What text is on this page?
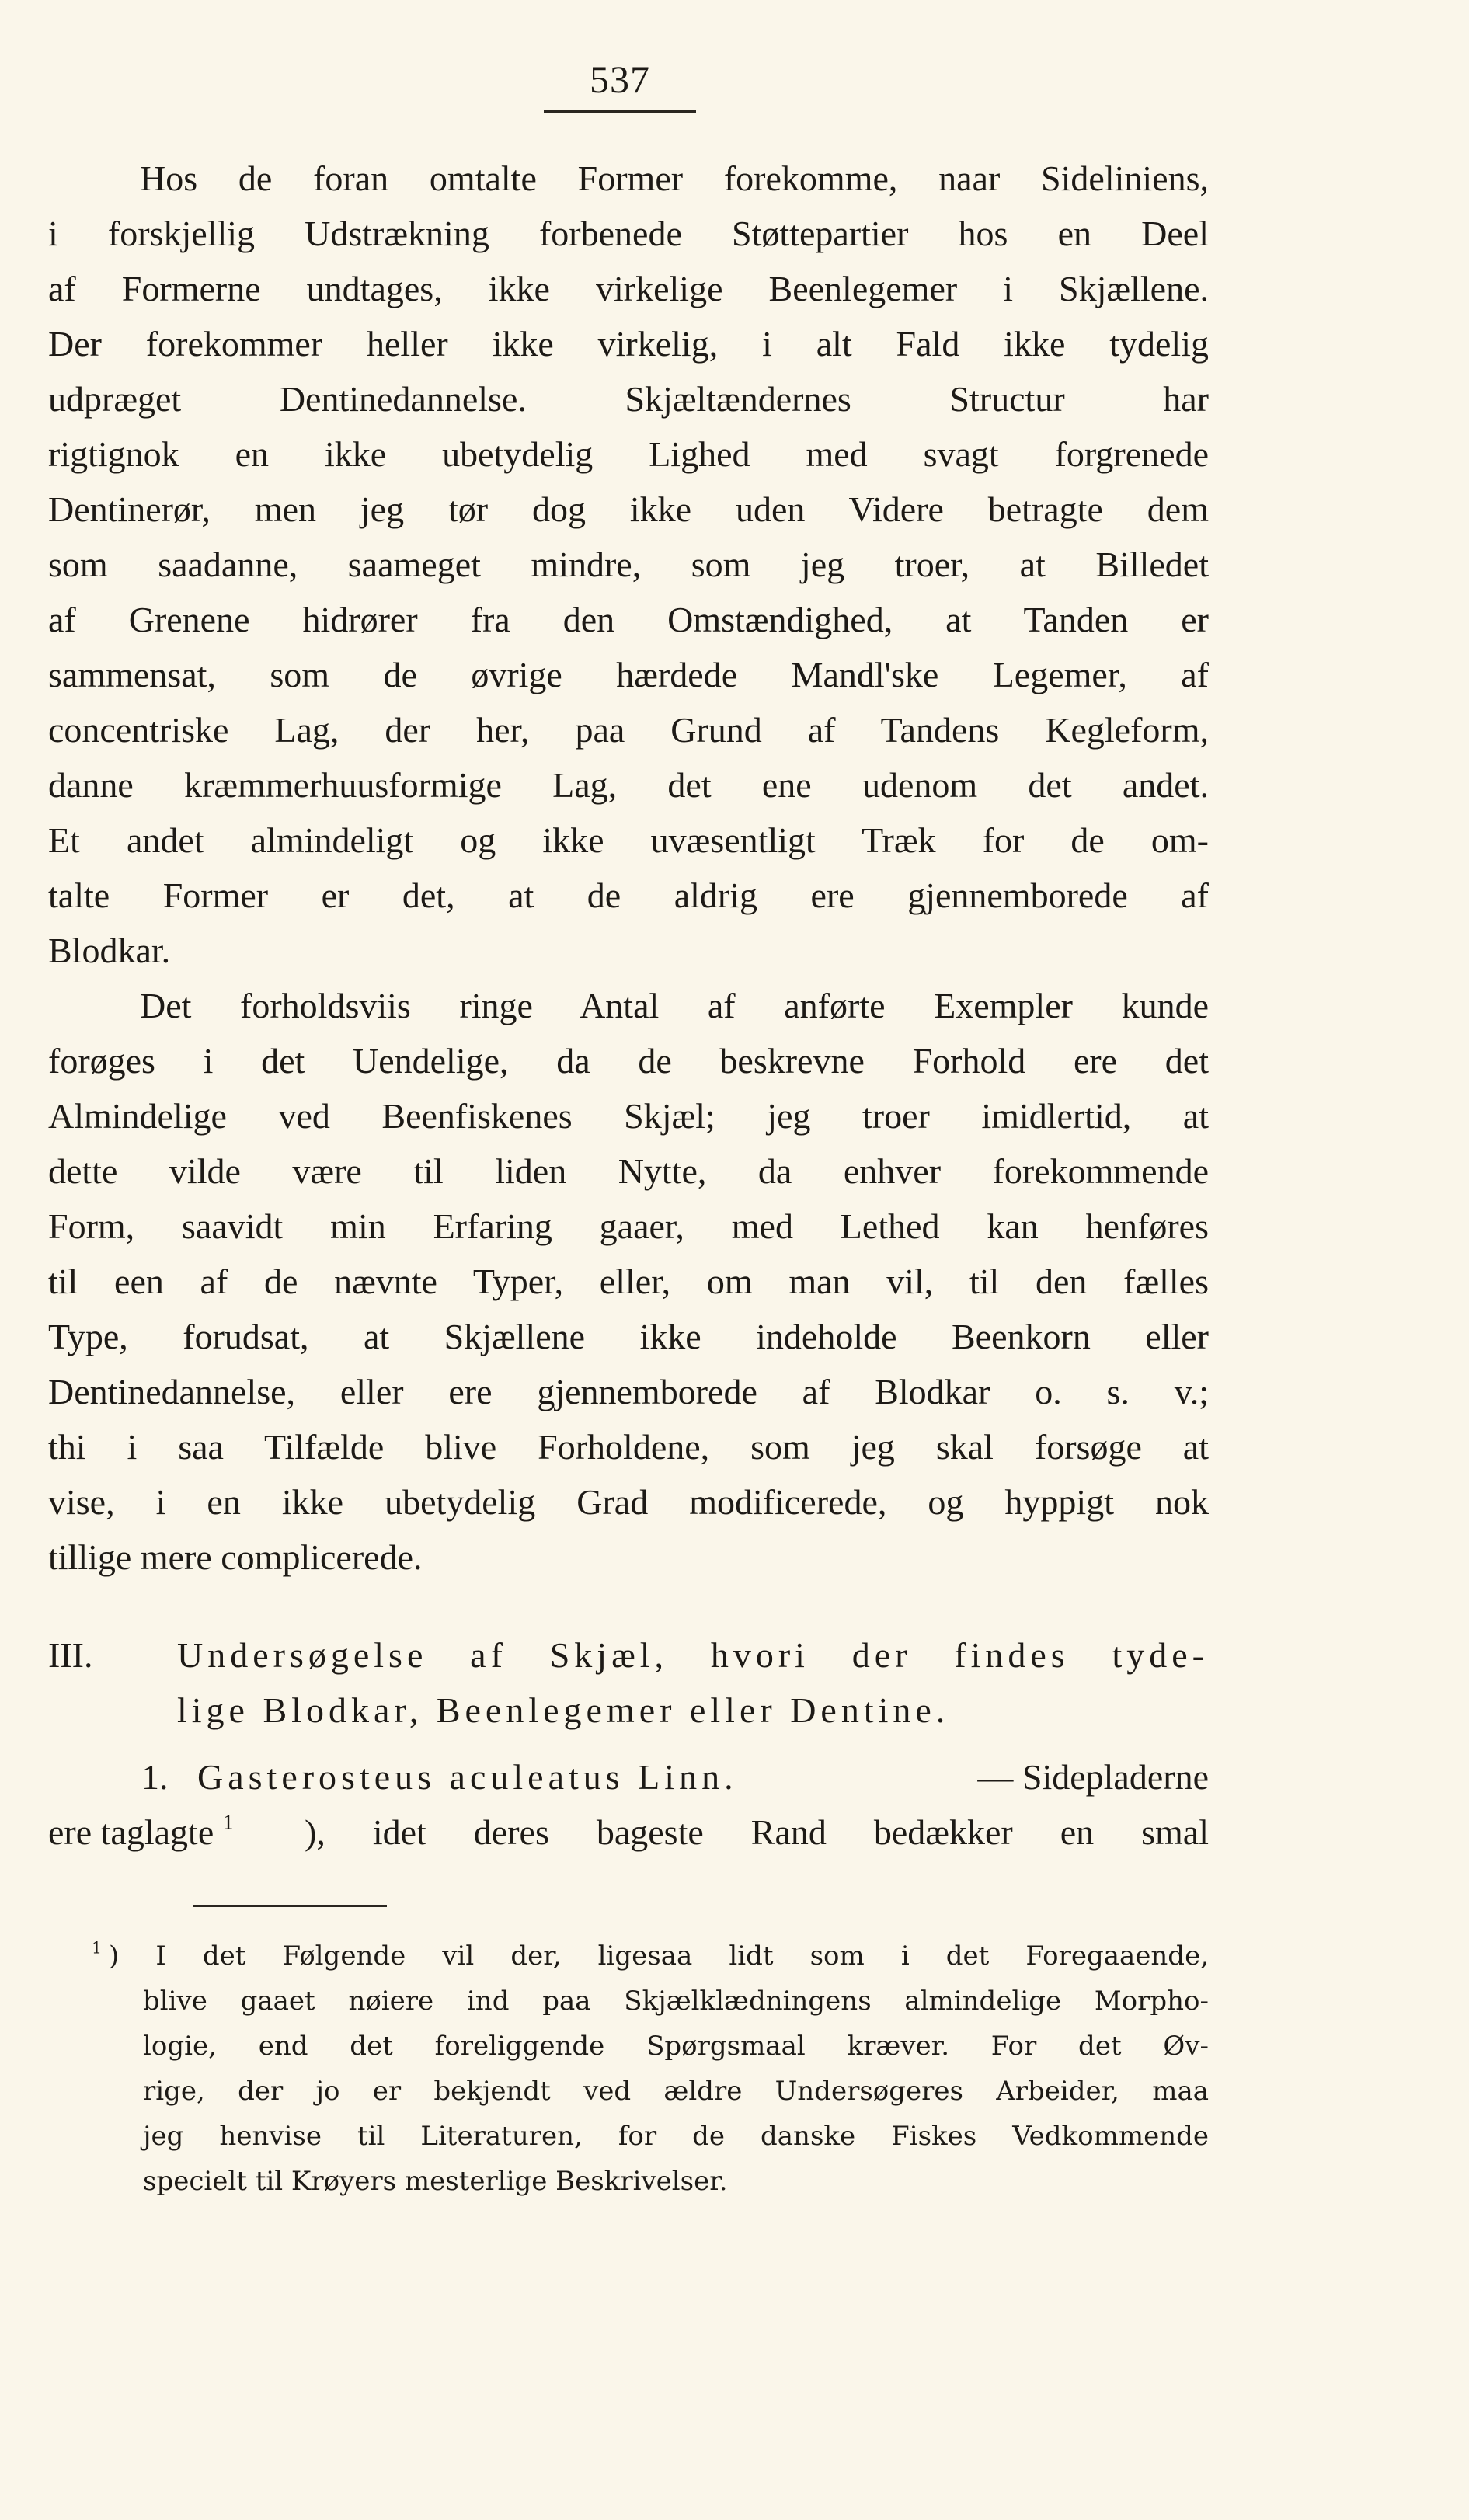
537
Hos de foran omtalte Former forekomme, naar Sideliniens,
i forskjellig Udstrækning forbenede Støttepartier hos en Deel
af Formerne undtages, ikke virkelige Beenlegemer i Skjællene.
Der forekommer heller ikke virkelig, i alt Fald ikke tydelig
udpræget Dentinedannelse. Skjæltændernes Structur har
rigtignok en ikke ubetydelig Lighed med svagt forgrenede
Dentinerør, men jeg tør dog ikke uden Videre betragte dem
som saadanne, saameget mindre, som jeg troer, at Billedet
af Grenene hidrører fra den Omstændighed, at Tanden er
sammensat, som de øvrige hærdede Mandl'ske Legemer, af
concentriske Lag, der her, paa Grund af Tandens Kegleform,
danne kræmmerhuusformige Lag, det ene udenom det andet.
Et andet almindeligt og ikke uvæsentligt Træk for de om-
talte Former er det, at de aldrig ere gjennemborede af
Blodkar.
Det forholdsviis ringe Antal af anførte Exempler kunde
forøges i det Uendelige, da de beskrevne Forhold ere det
Almindelige ved Beenfiskenes Skjæl; jeg troer imidlertid, at
dette vilde være til liden Nytte, da enhver forekommende
Form, saavidt min Erfaring gaaer, med Lethed kan henføres
til een af de nævnte Typer, eller, om man vil, til den fælles
Type, forudsat, at Skjællene ikke indeholde Beenkorn eller
Dentinedannelse, eller ere gjennemborede af Blodkar o. s. v.;
thi i saa Tilfælde blive Forholdene, som jeg skal forsøge at
vise, i en ikke ubetydelig Grad modificerede, og hyppigt nok
tillige mere complicerede.
III. Undersøgelse af Skjæl, hvori der findes tyde-
lige Blodkar, Beenlegemer eller Dentine.
1. Gasterosteus aculeatus Linn.	— Sidepladerne
ere taglagte $^1$ ), idet deres bageste Rand bedækker en smal
$^1$ ) I det Følgende vil der, ligesaa lidt som i det Foregaaende,
blive gaaet nøiere ind paa Skjælklædningens almindelige Morpho-
logie, end det foreliggende Spørgsmaal kræver. For det Øv-
rige, der jo er bekjendt ved ældre Undersøgeres Arbeider, maa
jeg henvise til Literaturen, for de danske Fiskes Vedkommende
specielt til Krøyers mesterlige Beskrivelser.
